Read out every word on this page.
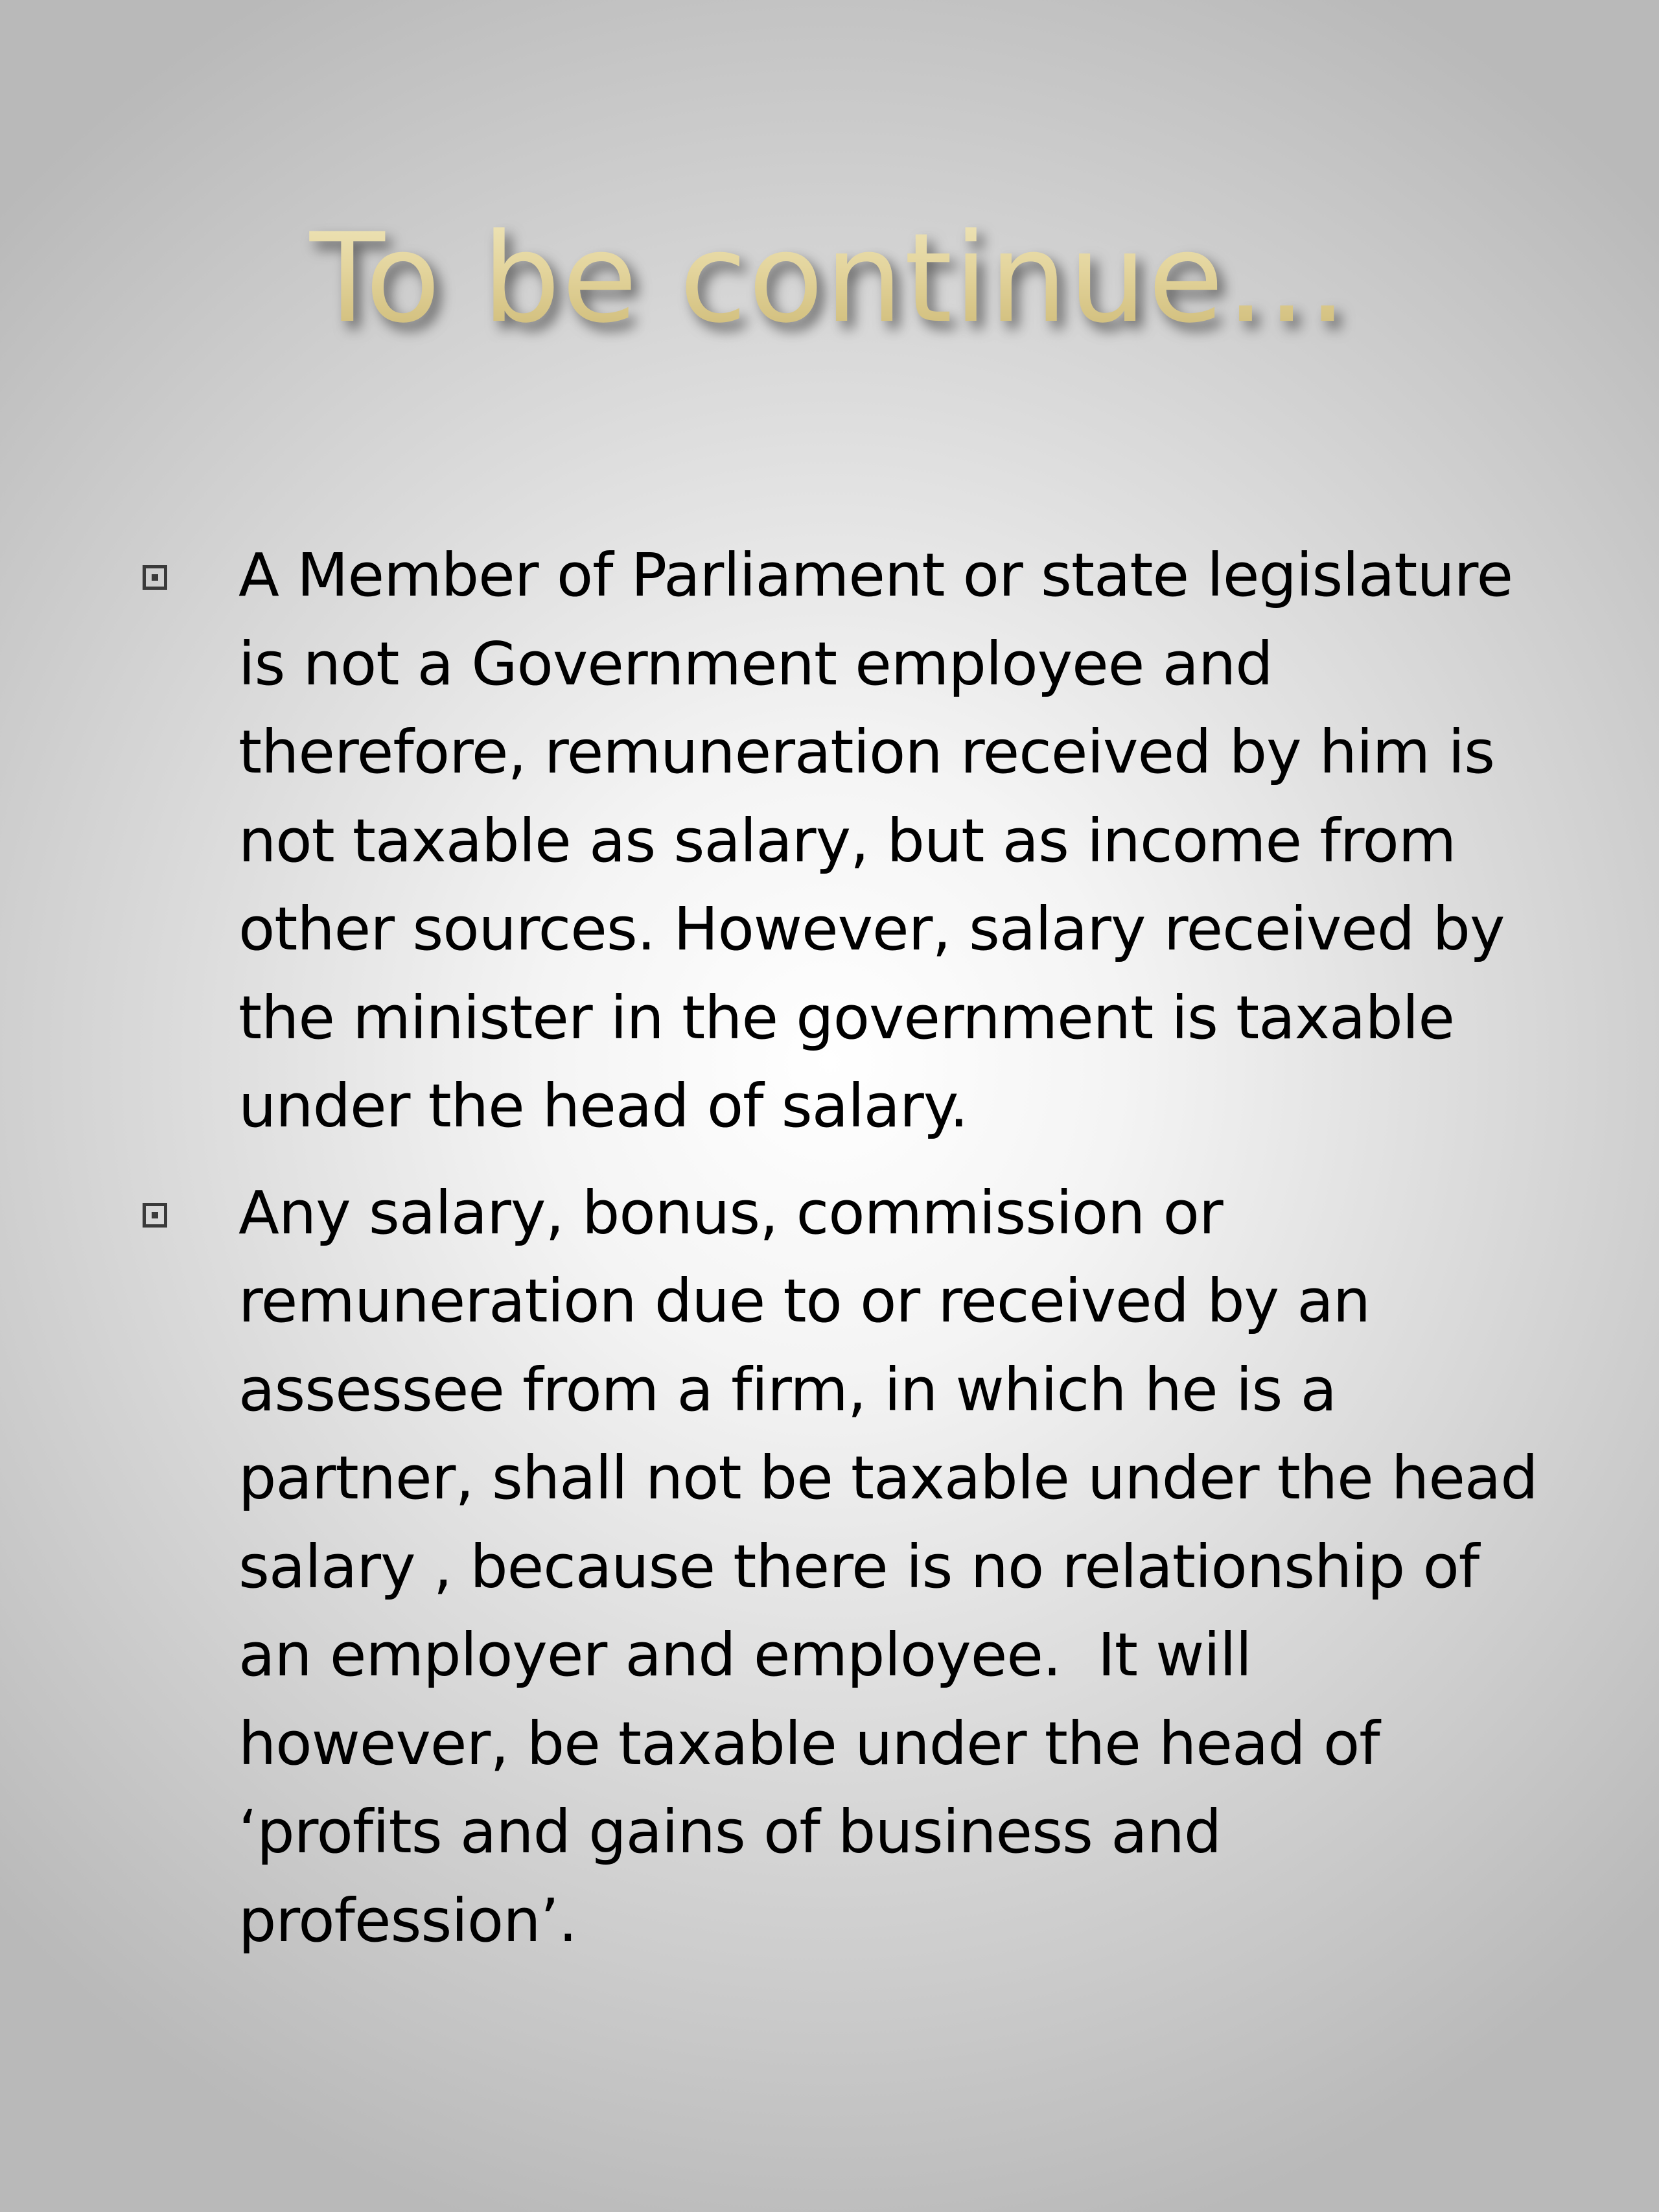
To be continue…
A Member of Parliament or state legislature
is not a Government employee and
therefore, remuneration received by him is
not taxable as salary, but as income from
other sources. However, salary received by
the minister in the government is taxable
under the head of salary.
Any salary, bonus, commission or
remuneration due to or received by an
assessee from a firm, in which he is a
partner, shall not be taxable under the head
salary , because there is no relationship of
an employer and employee.  It will
however, be taxable under the head of
‘profits and gains of business and
profession’.
